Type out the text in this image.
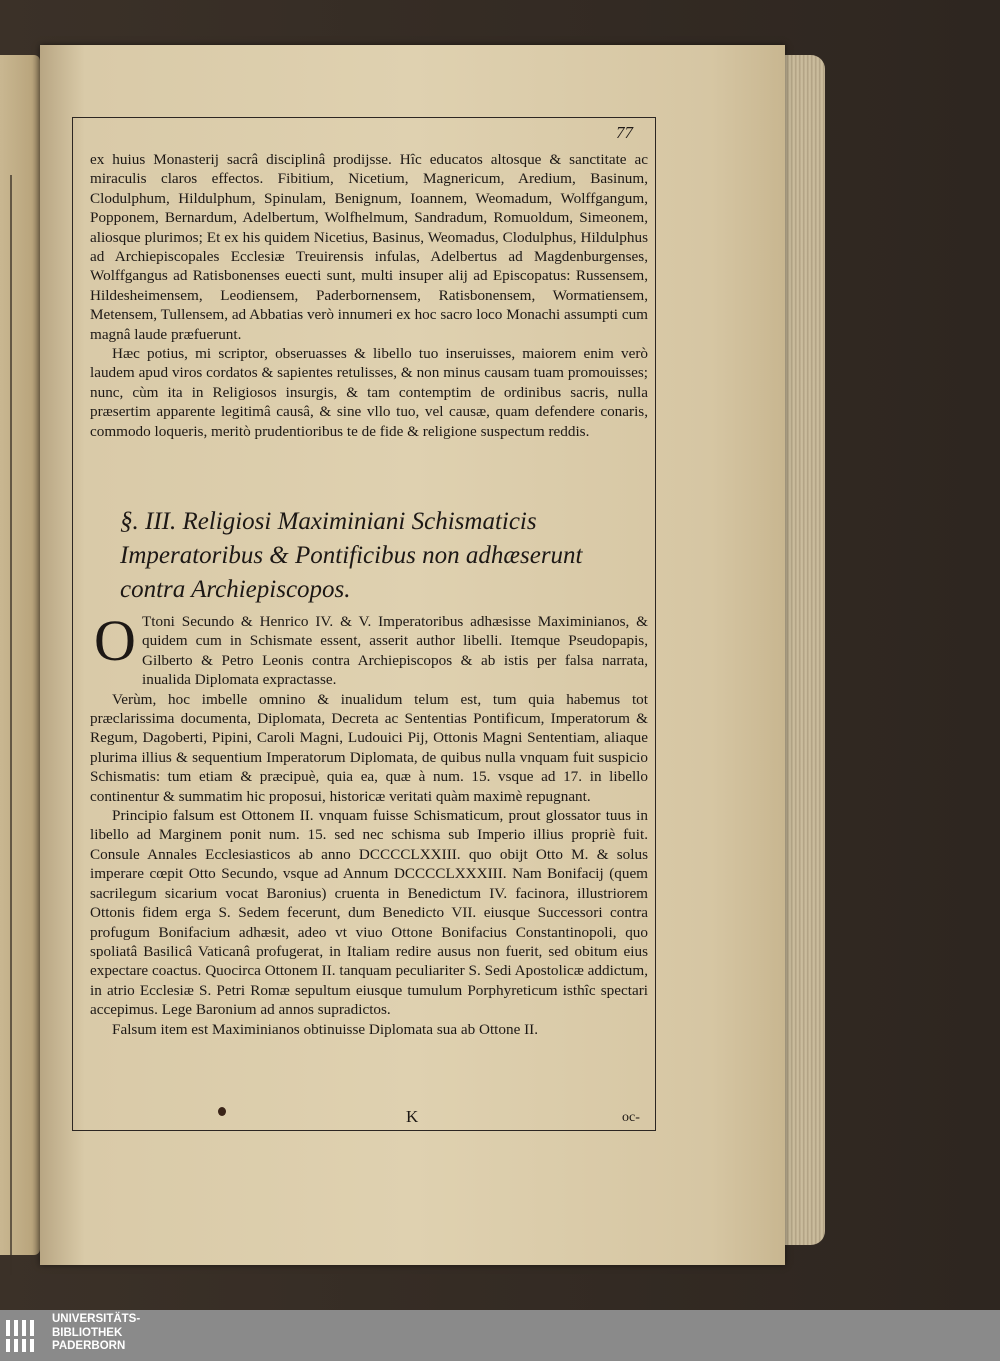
77

ex huius Monasterij sacrâ disciplinâ prodijsse. Hîc educatos altosque & sanctitate ac miraculis claros effectos. Fibitium, Nicetium, Magnericum, Aredium, Basinum, Clodulphum, Hildulphum, Spinulam, Benignum, Ioannem, Weomadum, Wolffgangum, Popponem, Bernardum, Adelbertum, Wolfhelmum, Sandradum, Romuoldum, Simeonem, aliosque plurimos; Et ex his quidem Nicetius, Basinus, Weomadus, Clodulphus, Hildulphus ad Archiepiscopales Ecclesiæ Treuirensis infulas, Adelbertus ad Magdenburgenses, Wolffgangus ad Ratisbonenses euecti sunt, multi insuper alij ad Episcopatus: Russensem, Hildesheimensem, Leodiensem, Paderbornensem, Ratisbonensem, Wormatiensem, Metensem, Tullensem, ad Abbatias verò innumeri ex hoc sacro loco Monachi assumpti cum magnâ laude præfuerunt.

Hæc potius, mi scriptor, obseruasses & libello tuo inseruisses, maiorem enim verò laudem apud viros cordatos & sapientes retulisses, & non minus causam tuam promouisses; nunc, cùm ita in Religiosos insurgis, & tam contemptim de ordinibus sacris, nulla præsertim apparente legitimâ causâ, & sine vllo tuo, vel causæ, quam defendere conaris, commodo loqueris, meritò prudentioribus te de fide & religione suspectum reddis.

§. III. Religiosi Maximiniani Schismaticis Imperatoribus & Pontificibus non adhæserunt contra Archiepiscopos.
O Ttoni Secundo & Henrico IV. & V. Imperatoribus adhæsisse Maximinianos, & quidem cum in Schismate essent, asserit author libelli. Itemque Pseudopapis, Gilberto & Petro Leonis contra Archiepiscopos & ab istis per falsa narrata, inualida Diplomata expractasse.

Verùm, hoc imbelle omnino & inualidum telum est, tum quia habemus tot præclarissima documenta, Diplomata, Decreta ac Sententias Pontificum, Imperatorum & Regum, Dagoberti, Pipini, Caroli Magni, Ludouici Pij, Ottonis Magni Sententiam, aliaque plurima illius & sequentium Imperatorum Diplomata, de quibus nulla vnquam fuit suspicio Schismatis: tum etiam & præcipuè, quia ea, quæ à num. 15. vsque ad 17. in libello continentur & summatim hic proposui, historicæ veritati quàm maximè repugnant.

Principio falsum est Ottonem II. vnquam fuisse Schismaticum, prout glossator tuus in libello ad Marginem ponit num. 15. sed nec schisma sub Imperio illius propriè fuit. Consule Annales Ecclesiasticos ab anno DCCCCLXXIII. quo obijt Otto M. & solus imperare cœpit Otto Secundo, vsque ad Annum DCCCCLXXXIII. Nam Bonifacij (quem sacrilegum sicarium vocat Baronius) cruenta in Benedictum IV. facinora, illustriorem Ottonis fidem erga S. Sedem fecerunt, dum Benedicto VII. eiusque Successori contra profugum Bonifacium adhæsit, adeo vt viuo Ottone Bonifacius Constantinopoli, quo spoliatâ Basilicâ Vaticanâ profugerat, in Italiam redire ausus non fuerit, sed obitum eius expectare coactus. Quocirca Ottonem II. tanquam peculiariter S. Sedi Apostolicæ addictum, in atrio Ecclesiæ S. Petri Romæ sepultum eiusque tumulum Porphyreticum isthîc spectari accepimus. Lege Baronium ad annos supradictos.

Falsum item est Maximinianos obtinuisse Diplomata sua ab Ottone II.

K	oc-
UNIVERSITÄTS-
BIBLIOTHEK
PADERBORN
